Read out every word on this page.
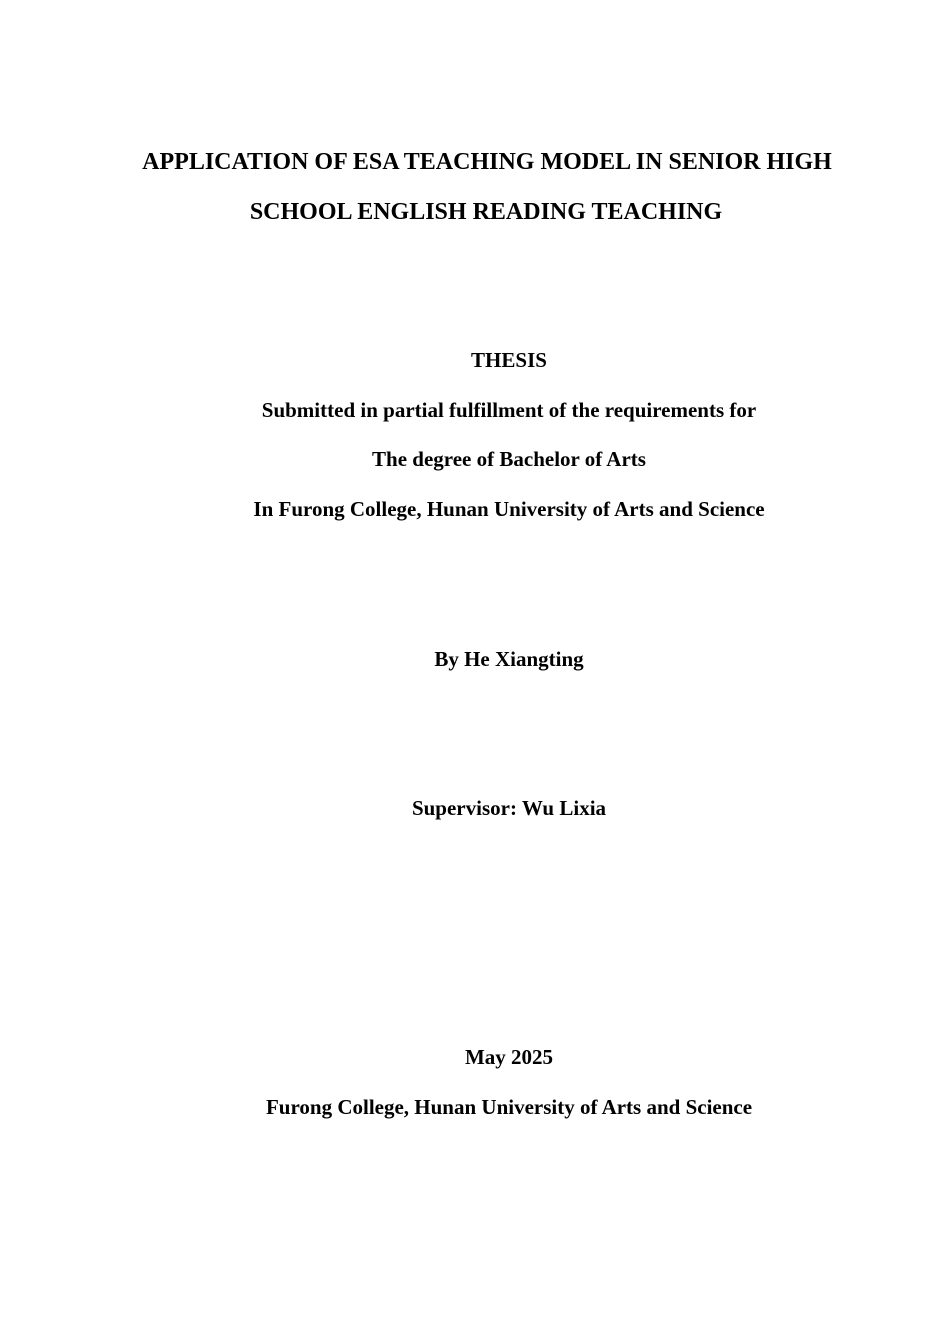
APPLICATION OF ESA TEACHING MODEL IN SENIOR HIGH
SCHOOL ENGLISH READING TEACHING
THESIS
Submitted in partial fulfillment of the requirements for
The degree of Bachelor of Arts
In Furong College, Hunan University of Arts and Science
By He Xiangting
Supervisor: Wu Lixia
May 2025
Furong College, Hunan University of Arts and Science
